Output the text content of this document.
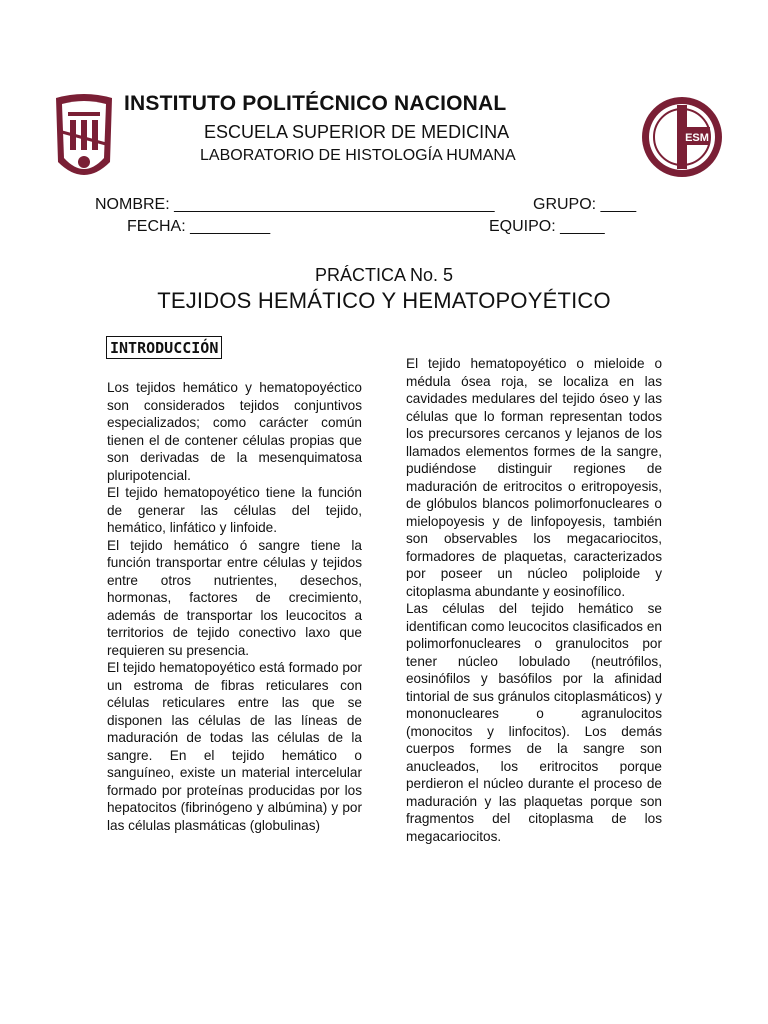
ESM
INSTITUTO POLITÉCNICO NACIONAL
ESCUELA SUPERIOR DE MEDICINA
LABORATORIO DE HISTOLOGÍA HUMANA
NOMBRE: ____________________________________ GRUPO: ____
FECHA: _________	EQUIPO: _____
PRÁCTICA No. 5
TEJIDOS HEMÁTICO Y HEMATOPOYÉTICO
INTRODUCCIÓN

Los tejidos hemático y hematopoyéctico son considerados tejidos conjuntivos especializados; como carácter común tienen el de contener células propias que son derivadas de la mesenquimatosa pluripotencial.

El tejido hematopoyético tiene la función de generar las células del tejido, hemático, linfático y linfoide.

El tejido hemático ó sangre tiene la función transportar entre células y tejidos entre otros nutrientes, desechos, hormonas, factores de crecimiento, además de transportar los leucocitos a territorios de tejido conectivo laxo que requieren su presencia.

El tejido hematopoyético está formado por un estroma de fibras reticulares con células reticulares entre las que se disponen las células de las líneas de maduración de todas las células de la sangre. En el tejido hemático o sanguíneo, existe un material intercelular formado por proteínas producidas por los hepatocitos (fibrinógeno y albúmina) y por las células plasmáticas (globulinas)

El tejido hematopoyético o mieloide o médula ósea roja, se localiza en las cavidades medulares del tejido óseo y las células que lo forman representan todos los precursores cercanos y lejanos de los llamados elementos formes de la sangre, pudiéndose distinguir regiones de maduración de eritrocitos o eritropoyesis, de glóbulos blancos polimorfonucleares o mielopoyesis y de linfopoyesis, también son observables los megacariocitos, formadores de plaquetas, caracterizados por poseer un núcleo poliploide y citoplasma abundante y eosinofílico.

Las células del tejido hemático se identifican como leucocitos clasificados en polimorfonucleares o granulocitos por tener núcleo lobulado (neutrófilos, eosinófilos y basófilos por la afinidad tintorial de sus gránulos citoplasmáticos) y mononucleares o agranulocitos (monocitos y linfocitos). Los demás cuerpos formes de la sangre son anucleados, los eritrocitos porque perdieron el núcleo durante el proceso de maduración y las plaquetas porque son fragmentos del citoplasma de los megacariocitos.
